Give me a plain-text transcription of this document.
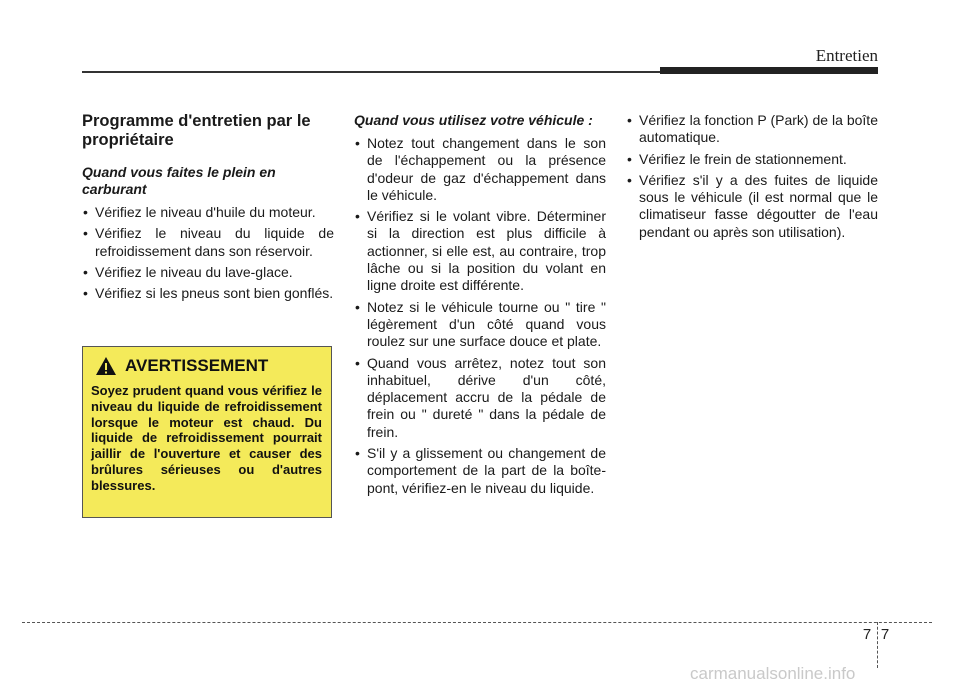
Entretien
Programme d'entretien par le propriétaire
Quand vous faites le plein en carburant
• Vérifiez le niveau d'huile du moteur.
• Vérifiez le niveau du liquide de refroidissement dans son réservoir.
• Vérifiez le niveau du lave-glace.
• Vérifiez si les pneus sont bien gonflés.
AVERTISSEMENT
Soyez prudent quand vous vérifiez le niveau du liquide de refroidissement lorsque le moteur est chaud. Du liquide de refroidissement pourrait jaillir de l'ouverture et causer des brûlures sérieuses ou d'autres blessures.
Quand vous utilisez votre véhicule :
• Notez tout changement dans le son de l'échappement ou la présence d'odeur de gaz d'échappement dans le véhicule.
• Vérifiez si le volant vibre. Déterminer si la direction est plus difficile à actionner, si elle est, au contraire, trop lâche ou si la position du volant en ligne droite est différente.
• Notez si le véhicule tourne ou " tire " légèrement d'un côté quand vous roulez sur une surface douce et plate.
• Quand vous arrêtez, notez tout son inhabituel, dérive d'un côté, déplacement accru de la pédale de frein ou " dureté " dans la pédale de frein.
• S'il y a glissement ou changement de comportement de la part de la boîte-pont, vérifiez-en le niveau du liquide.
• Vérifiez la fonction P (Park) de la boîte automatique.
• Vérifiez le frein de stationnement.
• Vérifiez s'il y a des fuites de liquide sous le véhicule (il est normal que le climatiseur fasse dégoutter de l'eau pendant ou après son utilisation).
7 7
carmanualsonline.info
